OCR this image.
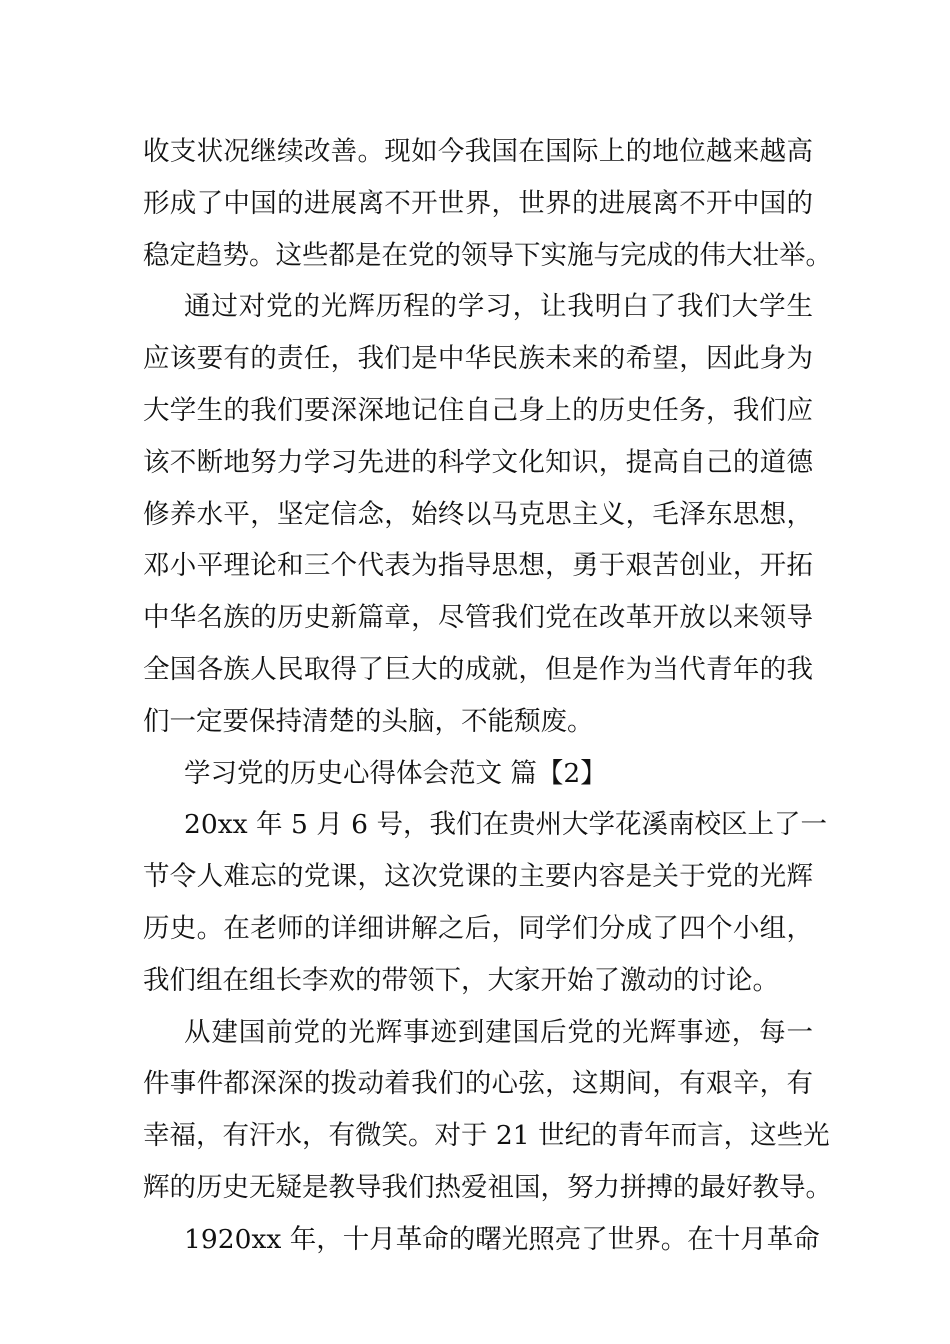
收支状况继续改善。现如今我国在国际上的地位越来越高
形成了中国的进展离不开世界，世界的进展离不开中国的
稳定趋势。这些都是在党的领导下实施与完成的伟大壮举。
通过对党的光辉历程的学习，让我明白了我们大学生
应该要有的责任，我们是中华民族未来的希望，因此身为
大学生的我们要深深地记住自己身上的历史任务，我们应
该不断地努力学习先进的科学文化知识，提高自己的道德
修养水平，坚定信念，始终以马克思主义，毛泽东思想，
邓小平理论和三个代表为指导思想，勇于艰苦创业，开拓
中华名族的历史新篇章，尽管我们党在改革开放以来领导
全国各族人民取得了巨大的成就，但是作为当代青年的我
们一定要保持清楚的头脑，不能颓废。
学习党的历史心得体会范文 篇【2】
20xx 年 5 月 6 号，我们在贵州大学花溪南校区上了一
节令人难忘的党课，这次党课的主要内容是关于党的光辉
历史。在老师的详细讲解之后，同学们分成了四个小组，
我们组在组长李欢的带领下，大家开始了激动的讨论。
从建国前党的光辉事迹到建国后党的光辉事迹，每一
件事件都深深的拨动着我们的心弦，这期间，有艰辛，有
幸福，有汗水，有微笑。对于 21 世纪的青年而言，这些光
辉的历史无疑是教导我们热爱祖国，努力拼搏的最好教导。
1920xx 年，十月革命的曙光照亮了世界。在十月革命
